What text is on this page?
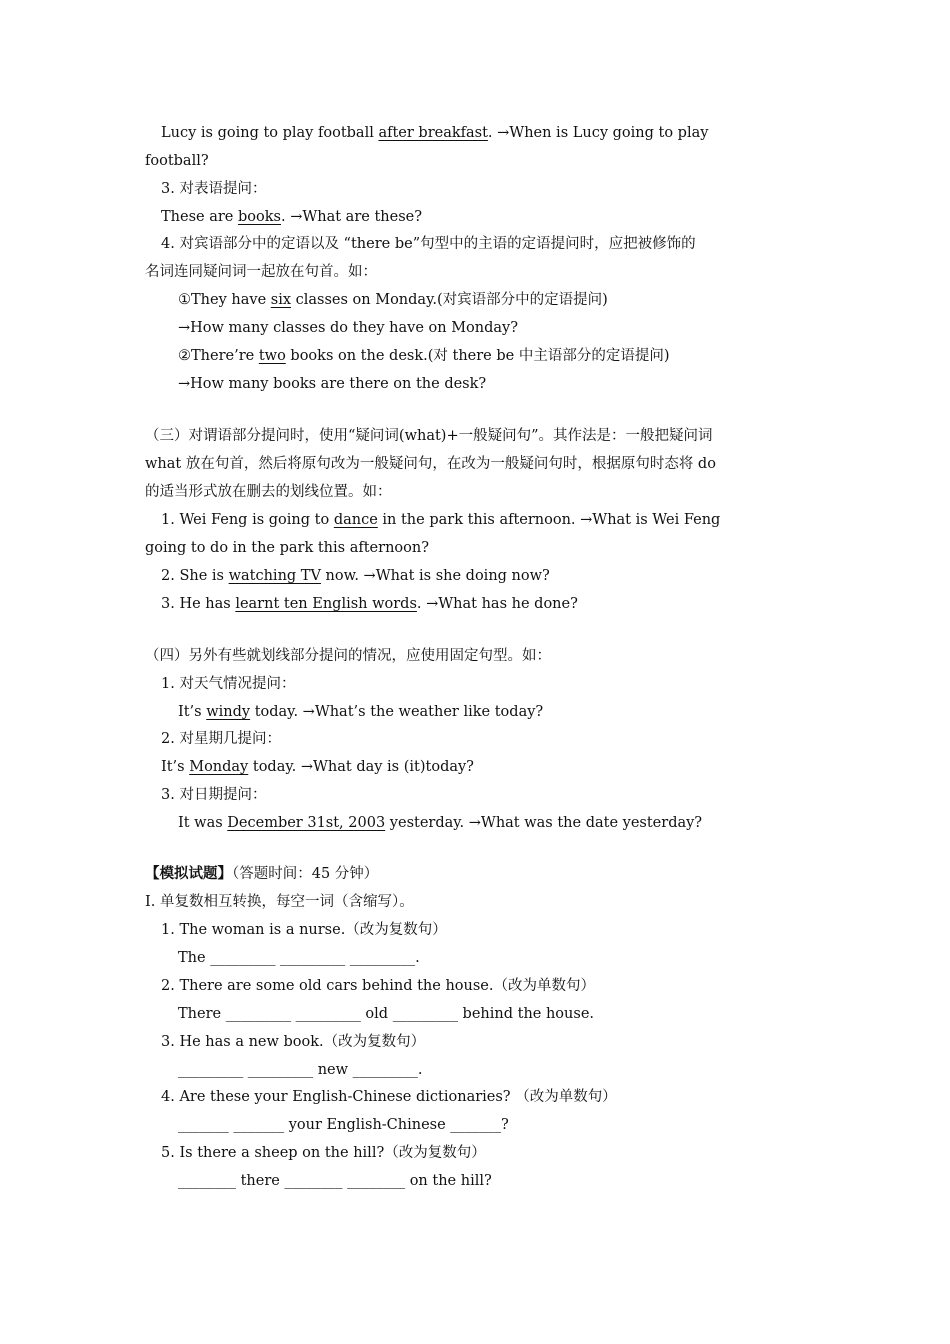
Lucy is going to play football after breakfast. →When is Lucy going to play
football?
3. 对表语提问：
These are books. →What are these?
4. 对宾语部分中的定语以及 “there be”句型中的主语的定语提问时，应把被修饰的
名词连同疑问词一起放在句首。如：
①They have six classes on Monday.(对宾语部分中的定语提问)
→How many classes do they have on Monday?
②There’re two books on the desk.(对 there be 中主语部分的定语提问)
→How many books are there on the desk?
（三）对谓语部分提问时，使用“疑问词(what)+一般疑问句”。其作法是：一般把疑问词
what 放在句首，然后将原句改为一般疑问句，在改为一般疑问句时，根据原句时态将 do
的适当形式放在删去的划线位置。如：
1. Wei Feng is going to dance in the park this afternoon. →What is Wei Feng
going to do in the park this afternoon?
2. She is watching TV now. →What is she doing now?
3. He has learnt ten English words. →What has he done?
（四）另外有些就划线部分提问的情况，应使用固定句型。如：
1. 对天气情况提问：
It’s windy today. →What’s the weather like today?
2. 对星期几提问：
It’s Monday today. →What day is (it)today?
3. 对日期提问：
It was December 31st, 2003 yesterday. →What was the date yesterday?
【模拟试题】（答题时间：45 分钟）
I. 单复数相互转换，每空一词（含缩写）。
1. The woman is a nurse.（改为复数句）
The _________ _________ _________.
2. There are some old cars behind the house.（改为单数句）
There _________ _________ old _________ behind the house.
3. He has a new book.（改为复数句）
_________ _________ new _________.
4. Are these your English-Chinese dictionaries? （改为单数句）
_______ _______ your English-Chinese _______?
5. Is there a sheep on the hill?（改为复数句）
________ there ________ ________ on the hill?
